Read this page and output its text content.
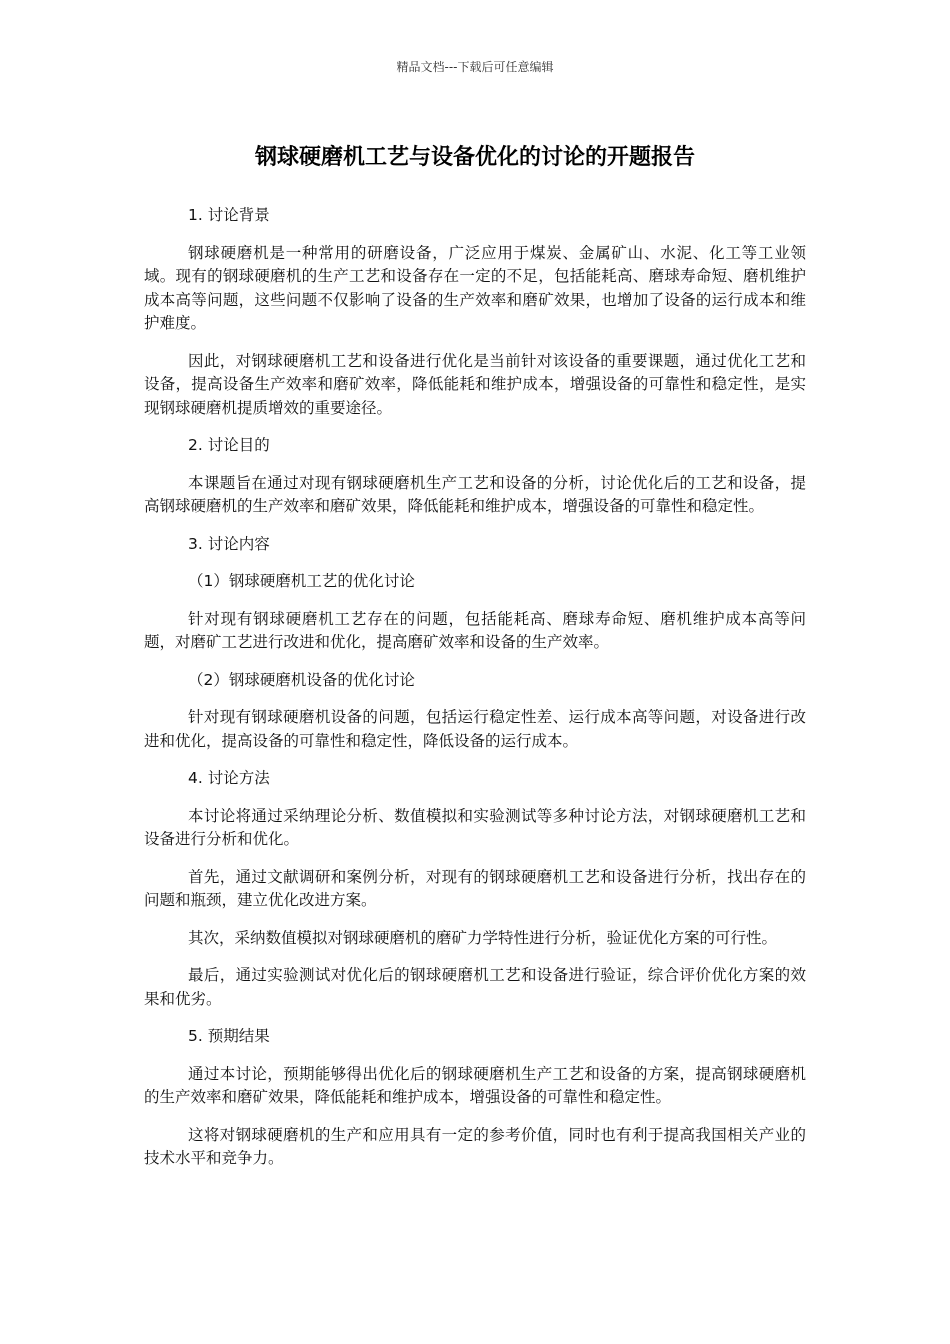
精品文档---下载后可任意编辑
钢球硬磨机工艺与设备优化的讨论的开题报告
1. 讨论背景
钢球硬磨机是一种常用的研磨设备，广泛应用于煤炭、金属矿山、水泥、化工等工业领域。现有的钢球硬磨机的生产工艺和设备存在一定的不足，包括能耗高、磨球寿命短、磨机维护成本高等问题，这些问题不仅影响了设备的生产效率和磨矿效果，也增加了设备的运行成本和维护难度。
因此，对钢球硬磨机工艺和设备进行优化是当前针对该设备的重要课题，通过优化工艺和设备，提高设备生产效率和磨矿效率，降低能耗和维护成本，增强设备的可靠性和稳定性，是实现钢球硬磨机提质增效的重要途径。
2. 讨论目的
本课题旨在通过对现有钢球硬磨机生产工艺和设备的分析，讨论优化后的工艺和设备，提高钢球硬磨机的生产效率和磨矿效果，降低能耗和维护成本，增强设备的可靠性和稳定性。
3. 讨论内容
（1）钢球硬磨机工艺的优化讨论
针对现有钢球硬磨机工艺存在的问题，包括能耗高、磨球寿命短、磨机维护成本高等问题，对磨矿工艺进行改进和优化，提高磨矿效率和设备的生产效率。
（2）钢球硬磨机设备的优化讨论
针对现有钢球硬磨机设备的问题，包括运行稳定性差、运行成本高等问题，对设备进行改进和优化，提高设备的可靠性和稳定性，降低设备的运行成本。
4. 讨论方法
本讨论将通过采纳理论分析、数值模拟和实验测试等多种讨论方法，对钢球硬磨机工艺和设备进行分析和优化。
首先，通过文献调研和案例分析，对现有的钢球硬磨机工艺和设备进行分析，找出存在的问题和瓶颈，建立优化改进方案。
其次，采纳数值模拟对钢球硬磨机的磨矿力学特性进行分析，验证优化方案的可行性。
最后，通过实验测试对优化后的钢球硬磨机工艺和设备进行验证，综合评价优化方案的效果和优劣。
5. 预期结果
通过本讨论，预期能够得出优化后的钢球硬磨机生产工艺和设备的方案，提高钢球硬磨机的生产效率和磨矿效果，降低能耗和维护成本，增强设备的可靠性和稳定性。
这将对钢球硬磨机的生产和应用具有一定的参考价值，同时也有利于提高我国相关产业的技术水平和竞争力。
